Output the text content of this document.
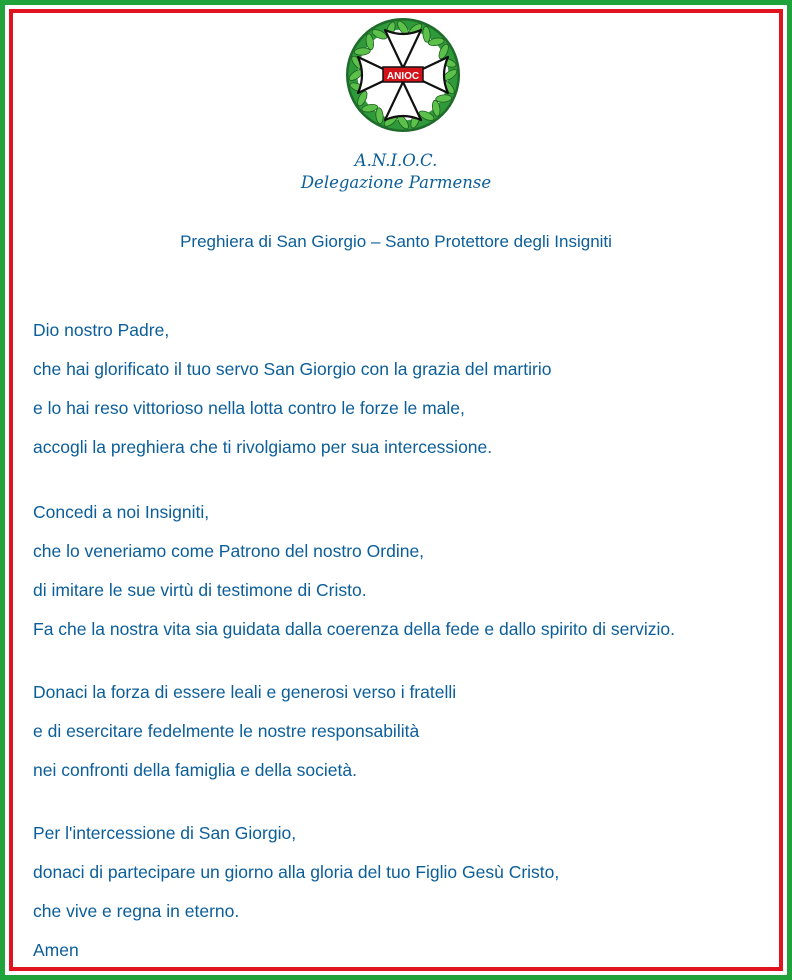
ANIOC
A.N.I.O.C.
Delegazione Parmense
Preghiera di San Giorgio – Santo Protettore degli Insigniti
Dio nostro Padre,
che hai glorificato il tuo servo San Giorgio con la grazia del martirio
e lo hai reso vittorioso nella lotta contro le forze le male,
accogli la preghiera che ti rivolgiamo per sua intercessione.
Concedi a noi Insigniti,
che lo veneriamo come Patrono del nostro Ordine,
di imitare le sue virtù di testimone di Cristo.
Fa che la nostra vita sia guidata dalla coerenza della fede e dallo spirito di servizio.
Donaci la forza di essere leali e generosi verso i fratelli
e di esercitare fedelmente le nostre responsabilità
nei confronti della famiglia e della società.
Per l'intercessione di San Giorgio,
donaci di partecipare un giorno alla gloria del tuo Figlio Gesù Cristo,
che vive e regna in eterno.
Amen
